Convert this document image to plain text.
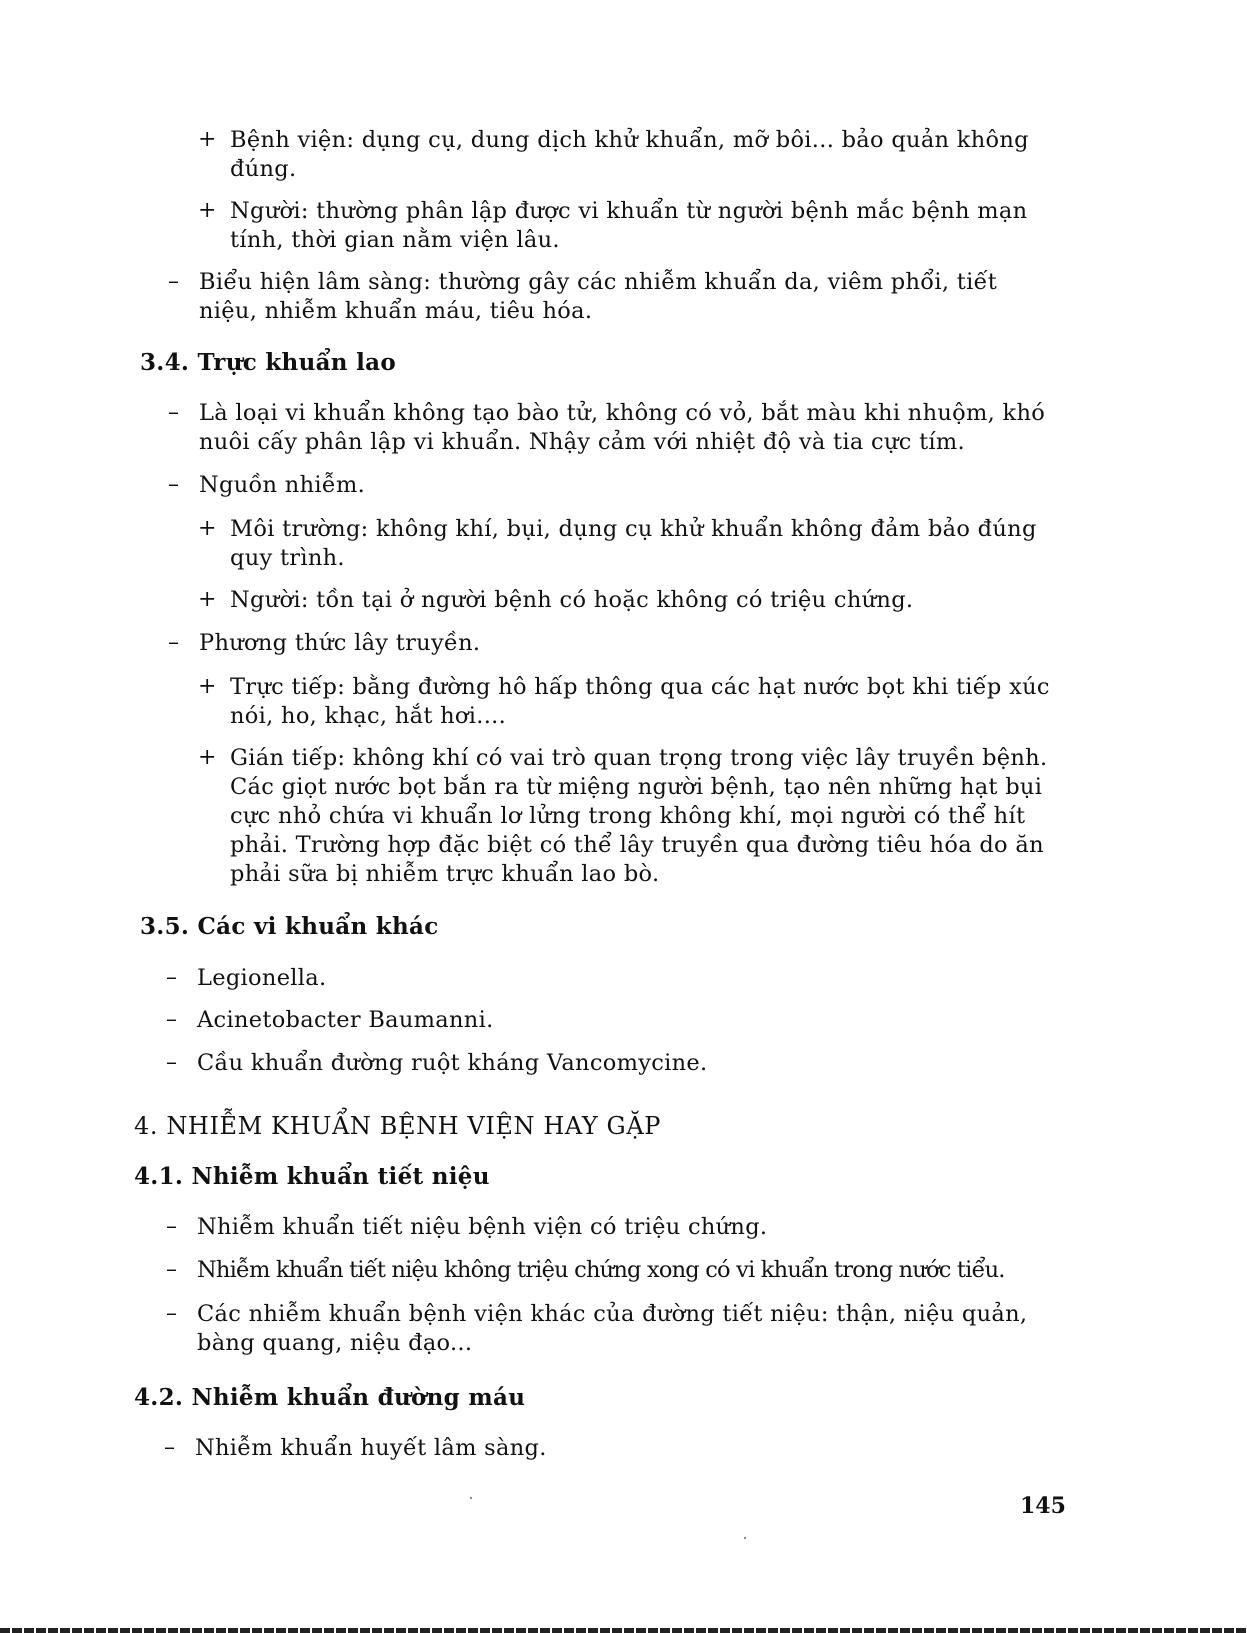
+
+
–
–
–
+
+
–
+
+
–
–
–
–
–
–
–
Bệnh viện: dụng cụ, dung dịch khử khuẩn, mỡ bôi... bảo quản không
đúng.
Người: thường phân lập được vi khuẩn từ người bệnh mắc bệnh mạn
tính, thời gian nằm viện lâu.
Biểu hiện lâm sàng: thường gây các nhiễm khuẩn da, viêm phổi, tiết
niệu, nhiễm khuẩn máu, tiêu hóa.
3.4. Trực khuẩn lao
Là loại vi khuẩn không tạo bào tử, không có vỏ, bắt màu khi nhuộm, khó
nuôi cấy phân lập vi khuẩn. Nhậy cảm với nhiệt độ và tia cực tím.
Nguồn nhiễm.
Môi trường: không khí, bụi, dụng cụ khử khuẩn không đảm bảo đúng
quy trình.
Người: tồn tại ở người bệnh có hoặc không có triệu chứng.
Phương thức lây truyền.
Trực tiếp: bằng đường hô hấp thông qua các hạt nước bọt khi tiếp xúc
nói, ho, khạc, hắt hơi....
Gián tiếp: không khí có vai trò quan trọng trong việc lây truyền bệnh.
Các giọt nước bọt bắn ra từ miệng người bệnh, tạo nên những hạt bụi
cực nhỏ chứa vi khuẩn lơ lửng trong không khí, mọi người có thể hít
phải. Trường hợp đặc biệt có thể lây truyền qua đường tiêu hóa do ăn
phải sữa bị nhiễm trực khuẩn lao bò.
3.5. Các vi khuẩn khác
Legionella.
Acinetobacter Baumanni.
Cầu khuẩn đường ruột kháng Vancomycine.
4. NHIỄM KHUẨN BỆNH VIỆN HAY GẶP
4.1. Nhiễm khuẩn tiết niệu
Nhiễm khuẩn tiết niệu bệnh viện có triệu chứng.
Nhiễm khuẩn tiết niệu không triệu chứng xong có vi khuẩn trong nước tiểu.
Các nhiễm khuẩn bệnh viện khác của đường tiết niệu: thận, niệu quản,
bàng quang, niệu đạo...
4.2. Nhiễm khuẩn đường máu
Nhiễm khuẩn huyết lâm sàng.
145
